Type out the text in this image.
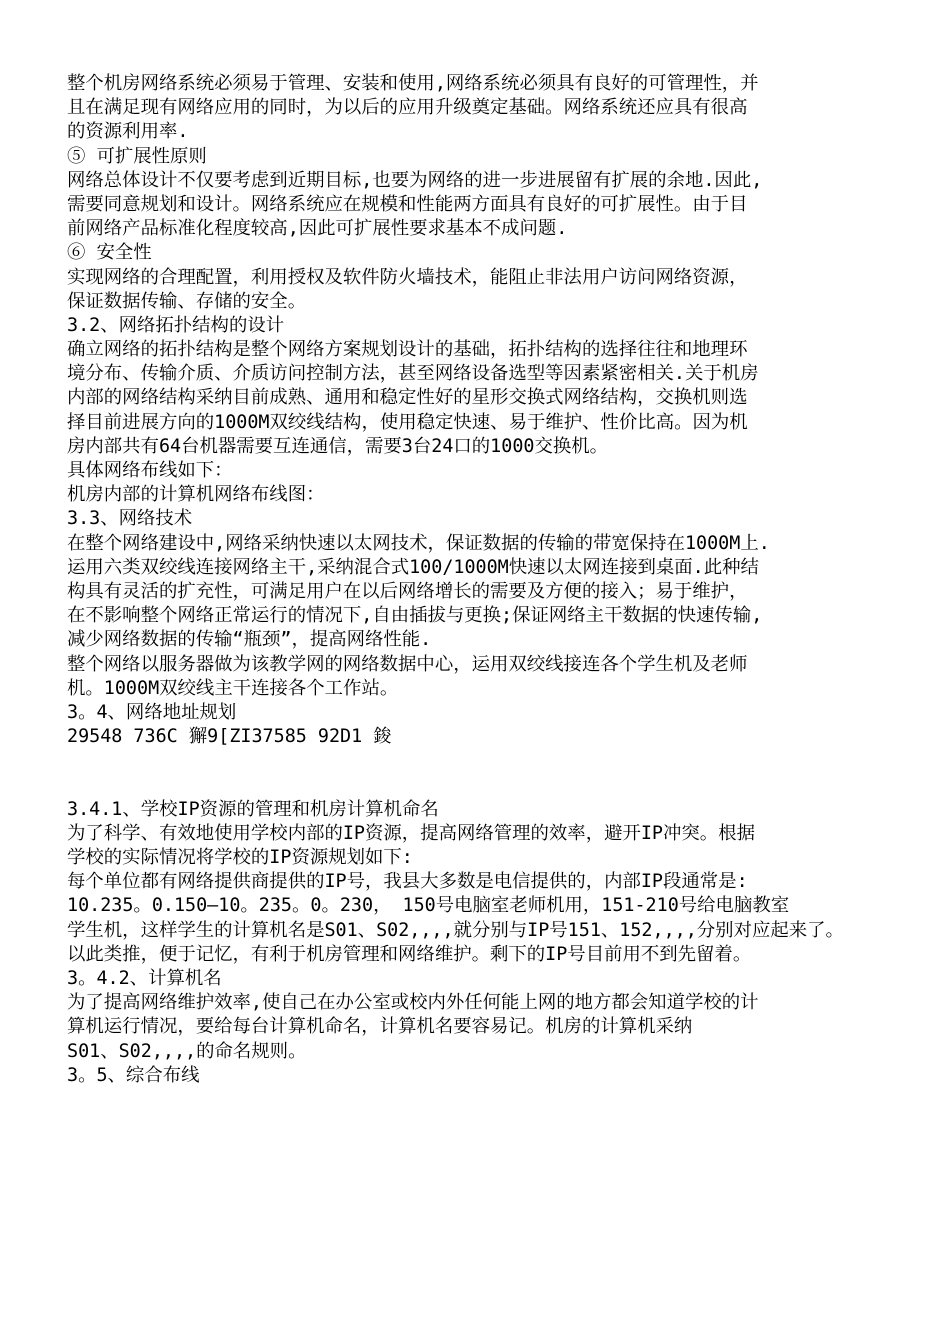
整个机房网络系统必须易于管理、安装和使用,网络系统必须具有良好的可管理性，并
且在满足现有网络应用的同时，为以后的应用升级奠定基础。网络系统还应具有很高
的资源利用率.
⑤ 可扩展性原则
网络总体设计不仅要考虑到近期目标,也要为网络的进一步进展留有扩展的余地.因此,
需要同意规划和设计。网络系统应在规模和性能两方面具有良好的可扩展性。由于目
前网络产品标准化程度较高,因此可扩展性要求基本不成问题.
⑥ 安全性
实现网络的合理配置，利用授权及软件防火墙技术，能阻止非法用户访问网络资源，
保证数据传输、存储的安全。
3.2、网络拓扑结构的设计
确立网络的拓扑结构是整个网络方案规划设计的基础，拓扑结构的选择往往和地理环
境分布、传输介质、介质访问控制方法，甚至网络设备选型等因素紧密相关.关于机房
内部的网络结构采纳目前成熟、通用和稳定性好的星形交换式网络结构，交换机则选
择目前进展方向的1000M双绞线结构，使用稳定快速、易于维护、性价比高。因为机
房内部共有64台机器需要互连通信，需要3台24口的1000交换机。
具体网络布线如下：
机房内部的计算机网络布线图：
3.3、网络技术
在整个网络建设中,网络采纳快速以太网技术，保证数据的传输的带宽保持在1000M上.
运用六类双绞线连接网络主干,采纳混合式100/1000M快速以太网连接到桌面.此种结
构具有灵活的扩充性，可满足用户在以后网络增长的需要及方便的接入；易于维护，
在不影响整个网络正常运行的情况下,自由插拔与更换;保证网络主干数据的快速传输,
减少网络数据的传输“瓶颈”，提高网络性能.
整个网络以服务器做为该教学网的网络数据中心，运用双绞线接连各个学生机及老师
机。1000M双绞线主干连接各个工作站。
3。4、网络地址规划
29548 736C 獬9[ZI37585 92D1 鋑
3.4.1、学校IP资源的管理和机房计算机命名
为了科学、有效地使用学校内部的IP资源，提高网络管理的效率，避开IP冲突。根据
学校的实际情况将学校的IP资源规划如下:
每个单位都有网络提供商提供的IP号，我县大多数是电信提供的，内部IP段通常是:
10.235。0.150—10。235。0。230， 150号电脑室老师机用，151-210号给电脑教室
学生机，这样学生的计算机名是S01、S02,,,,就分别与IP号151、152,,,,分别对应起来了。
以此类推，便于记忆，有利于机房管理和网络维护。剩下的IP号目前用不到先留着。
3。4.2、计算机名
为了提高网络维护效率,使自己在办公室或校内外任何能上网的地方都会知道学校的计
算机运行情况，要给每台计算机命名，计算机名要容易记。机房的计算机采纳
S01、S02,,,,的命名规则。
3。5、综合布线
